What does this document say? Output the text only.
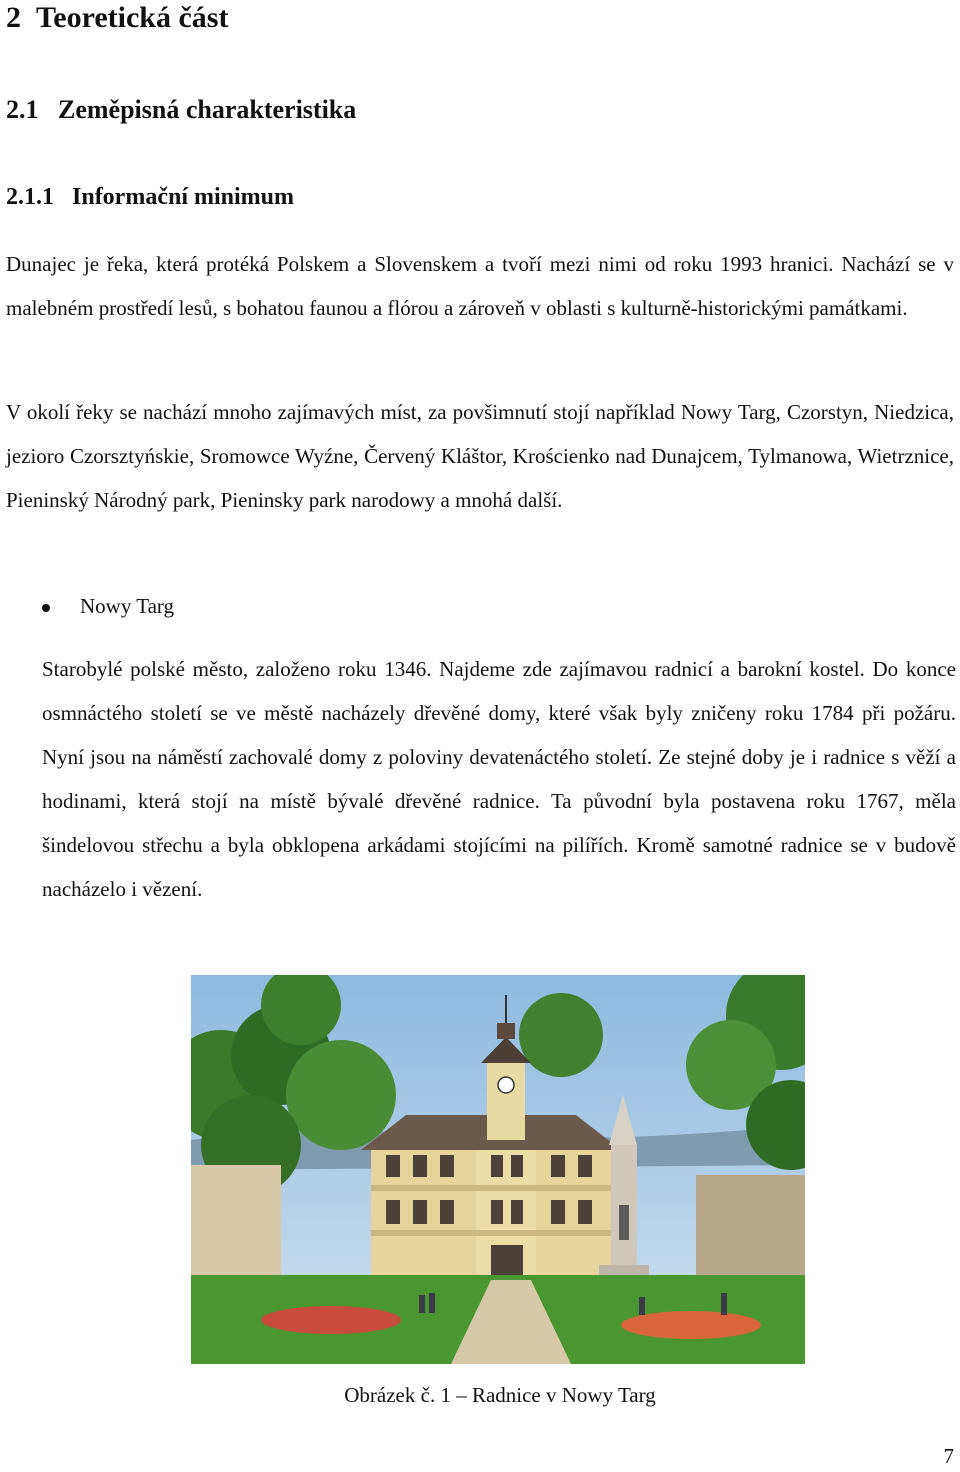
2 Teoretická část
2.1 Zeměpisná charakteristika
2.1.1 Informační minimum

Dunajec je řeka, která protéká Polskem a Slovenskem a tvoří mezi nimi od roku 1993 hranici. Nachází se v malebném prostředí lesů, s bohatou faunou a flórou a zároveň v oblasti s kulturně-historickými památkami.

V okolí řeky se nachází mnoho zajímavých míst, za povšimnutí stojí například Nowy Targ, Czorstyn, Niedzica, jezioro Czorsztyńskie, Sromowce Wyźne, Červený Kláštor, Krościenko nad Dunajcem, Tylmanowa, Wietrznice, Pieninský Národný park, Pieninsky park narodowy a mnohá další.

Nowy Targ

Starobylé polské město, založeno roku 1346. Najdeme zde zajímavou radnicí a barokní kostel. Do konce osmnáctého století se ve městě nacházely dřevěné domy, které však byly zničeny roku 1784 při požáru. Nyní jsou na náměstí zachovalé domy z poloviny devatenáctého století. Ze stejné doby je i radnice s věží a hodinami, která stojí na místě bývalé dřevěné radnice. Ta původní byla postavena roku 1767, měla šindelovou střechu a byla obklopena arkádami stojícími na pilířích. Kromě samotné radnice se v budově nacházelo i vězení.

Obrázek č. 1 – Radnice v Nowy Targ
7
